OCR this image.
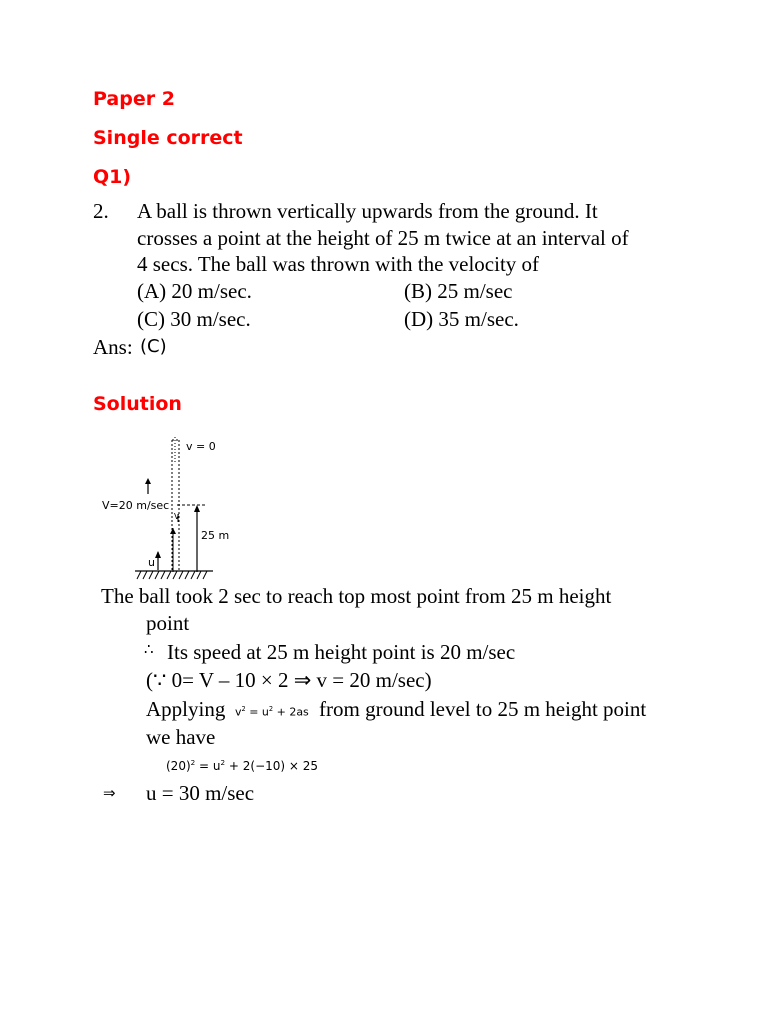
Paper 2
Single correct
Q1)
2. A ball is thrown vertically upwards from the ground. It
crosses a point at the height of 25 m twice at an interval of
4 secs. The ball was thrown with the velocity of
(A) 20 m/sec.	(B) 25 m/sec
(C) 30 m/sec.	(D) 35 m/sec.
Ans: (C)
Solution
v = 0
V=20 m/sec
V
25 m
u
The ball took 2 sec to reach top most point from 25 m height
point
∴ Its speed at 25 m height point is 20 m/sec
(∵ 0= V – 10 × 2 ⇒ v = 20 m/sec)
Applying $v^2 = u^2 + 2as$ from ground level to 25 m height point
we have
$(20)^2 = u^2 + 2(-10) \times 25$
⇒ u = 30 m/sec
